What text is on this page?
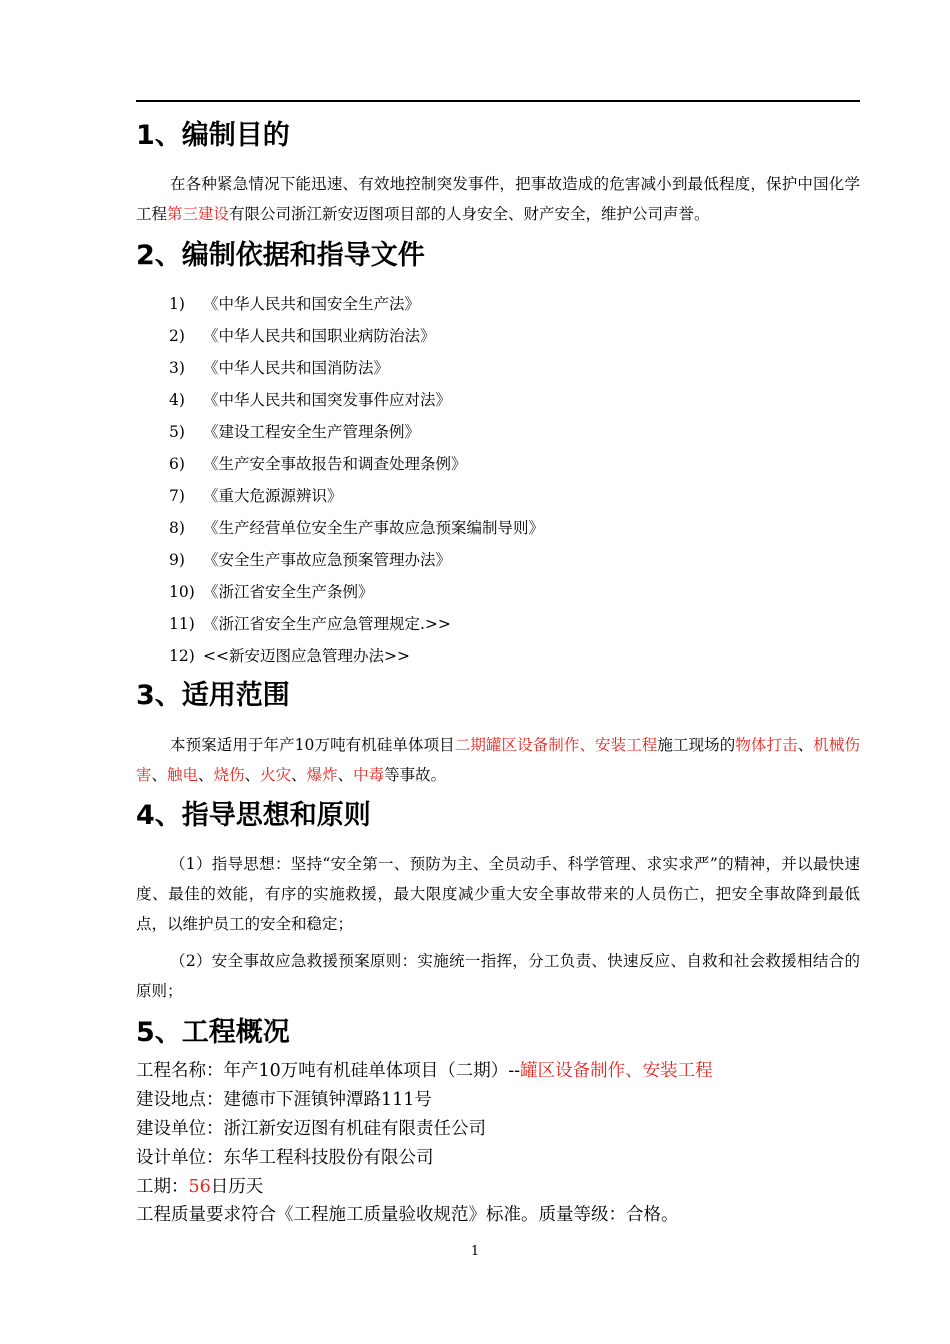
1、编制目的
在各种紧急情况下能迅速、有效地控制突发事件，把事故造成的危害减小到最低程度，保护中国化学工程第三建设有限公司浙江新安迈图项目部的人身安全、财产安全，维护公司声誉。
2、编制依据和指导文件
1) 《中华人民共和国安全生产法》
2) 《中华人民共和国职业病防治法》
3) 《中华人民共和国消防法》
4) 《中华人民共和国突发事件应对法》
5) 《建设工程安全生产管理条例》
6) 《生产安全事故报告和调查处理条例》
7) 《重大危源源辨识》
8) 《生产经营单位安全生产事故应急预案编制导则》
9) 《安全生产事故应急预案管理办法》
10) 《浙江省安全生产条例》
11) 《浙江省安全生产应急管理规定.>>
12) <<新安迈图应急管理办法>>
3、适用范围
本预案适用于年产10万吨有机硅单体项目二期罐区设备制作、安装工程施工现场的物体打击、机械伤害、触电、烧伤、火灾、爆炸、中毒等事故。
4、指导思想和原则
（1）指导思想：坚持“安全第一、预防为主、全员动手、科学管理、求实求严”的精神，并以最快速度、最佳的效能，有序的实施救援，最大限度减少重大安全事故带来的人员伤亡，把安全事故降到最低点，以维护员工的安全和稳定；
（2）安全事故应急救援预案原则：实施统一指挥，分工负责、快速反应、自救和社会救援相结合的原则；
5、工程概况
工程名称：年产10万吨有机硅单体项目（二期）--罐区设备制作、安装工程
建设地点：建德市下涯镇钟潭路111号
建设单位：浙江新安迈图有机硅有限责任公司
设计单位：东华工程科技股份有限公司
工期：56日历天
工程质量要求符合《工程施工质量验收规范》标准。质量等级：合格。
1
